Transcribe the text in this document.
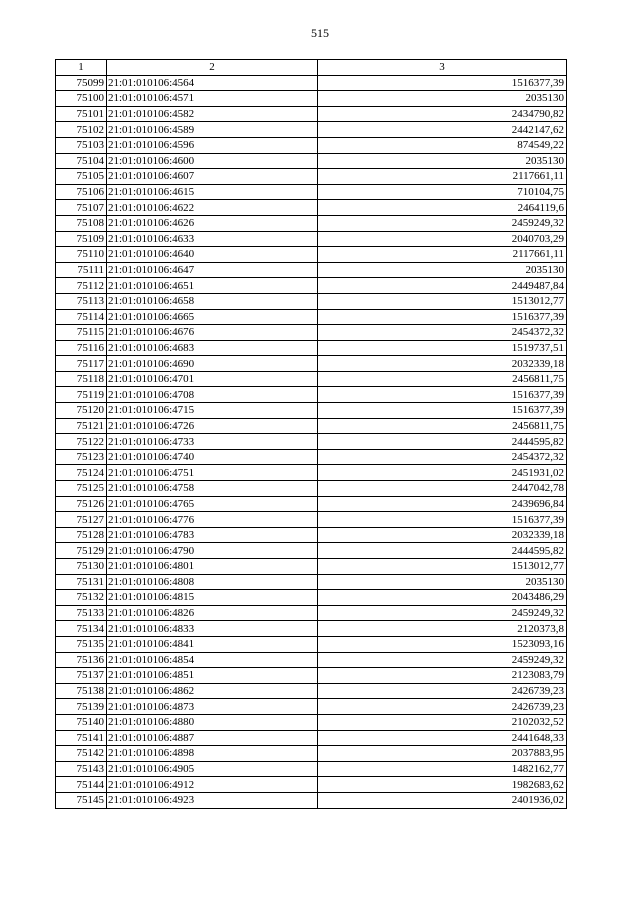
515
1	2	3
75099	21:01:010106:4564	1516377,39
75100	21:01:010106:4571	2035130
75101	21:01:010106:4582	2434790,82
75102	21:01:010106:4589	2442147,62
75103	21:01:010106:4596	874549,22
75104	21:01:010106:4600	2035130
75105	21:01:010106:4607	2117661,11
75106	21:01:010106:4615	710104,75
75107	21:01:010106:4622	2464119,6
75108	21:01:010106:4626	2459249,32
75109	21:01:010106:4633	2040703,29
75110	21:01:010106:4640	2117661,11
75111	21:01:010106:4647	2035130
75112	21:01:010106:4651	2449487,84
75113	21:01:010106:4658	1513012,77
75114	21:01:010106:4665	1516377,39
75115	21:01:010106:4676	2454372,32
75116	21:01:010106:4683	1519737,51
75117	21:01:010106:4690	2032339,18
75118	21:01:010106:4701	2456811,75
75119	21:01:010106:4708	1516377,39
75120	21:01:010106:4715	1516377,39
75121	21:01:010106:4726	2456811,75
75122	21:01:010106:4733	2444595,82
75123	21:01:010106:4740	2454372,32
75124	21:01:010106:4751	2451931,02
75125	21:01:010106:4758	2447042,78
75126	21:01:010106:4765	2439696,84
75127	21:01:010106:4776	1516377,39
75128	21:01:010106:4783	2032339,18
75129	21:01:010106:4790	2444595,82
75130	21:01:010106:4801	1513012,77
75131	21:01:010106:4808	2035130
75132	21:01:010106:4815	2043486,29
75133	21:01:010106:4826	2459249,32
75134	21:01:010106:4833	2120373,8
75135	21:01:010106:4841	1523093,16
75136	21:01:010106:4854	2459249,32
75137	21:01:010106:4851	2123083,79
75138	21:01:010106:4862	2426739,23
75139	21:01:010106:4873	2426739,23
75140	21:01:010106:4880	2102032,52
75141	21:01:010106:4887	2441648,33
75142	21:01:010106:4898	2037883,95
75143	21:01:010106:4905	1482162,77
75144	21:01:010106:4912	1982683,62
75145	21:01:010106:4923	2401936,02
